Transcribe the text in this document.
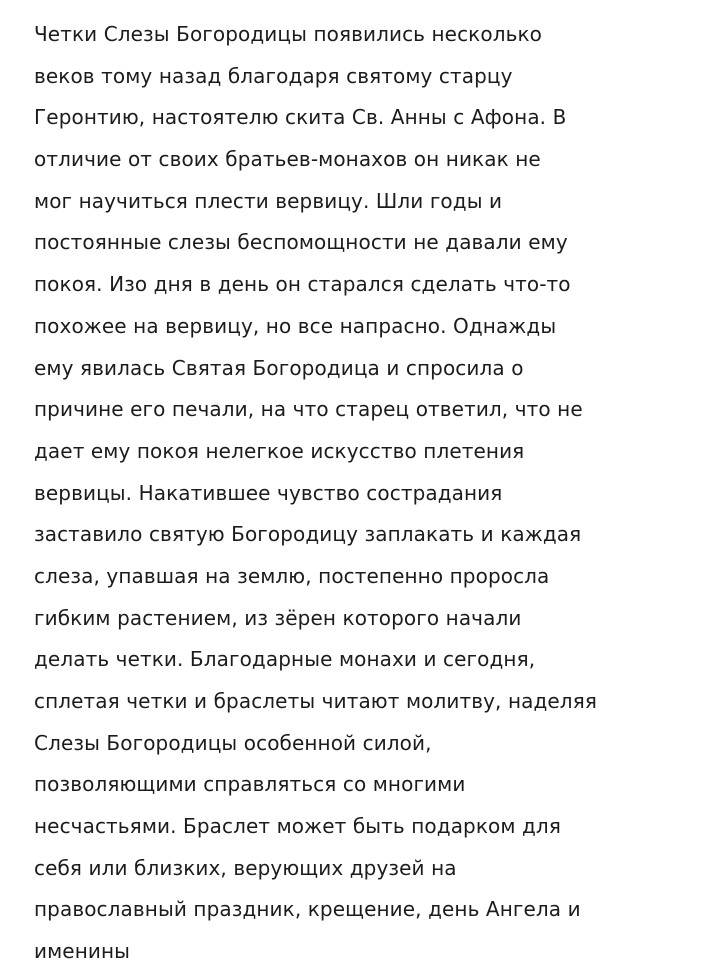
Четки Слезы Богородицы появились несколько
веков тому назад благодаря святому старцу
Геронтию, настоятелю скита Св. Анны с Афона. В
отличие от своих братьев-монахов он никак не
мог научиться плести вервицу. Шли годы и
постоянные слезы беспомощности не давали ему
покоя. Изо дня в день он старался сделать что-то
похожее на вервицу, но все напрасно. Однажды
ему явилась Святая Богородица и спросила о
причине его печали, на что старец ответил, что не
дает ему покоя нелегкое искусство плетения
вервицы. Накатившее чувство сострадания
заставило святую Богородицу заплакать и каждая
слеза, упавшая на землю, постепенно проросла
гибким растением, из зёрен которого начали
делать четки. Благодарные монахи и сегодня,
сплетая четки и браслеты читают молитву, наделяя
Слезы Богородицы особенной силой,
позволяющими справляться со многими
несчастьями. Браслет может быть подарком для
себя или близких, верующих друзей на
православный праздник, крещение, день Ангела и
именины
